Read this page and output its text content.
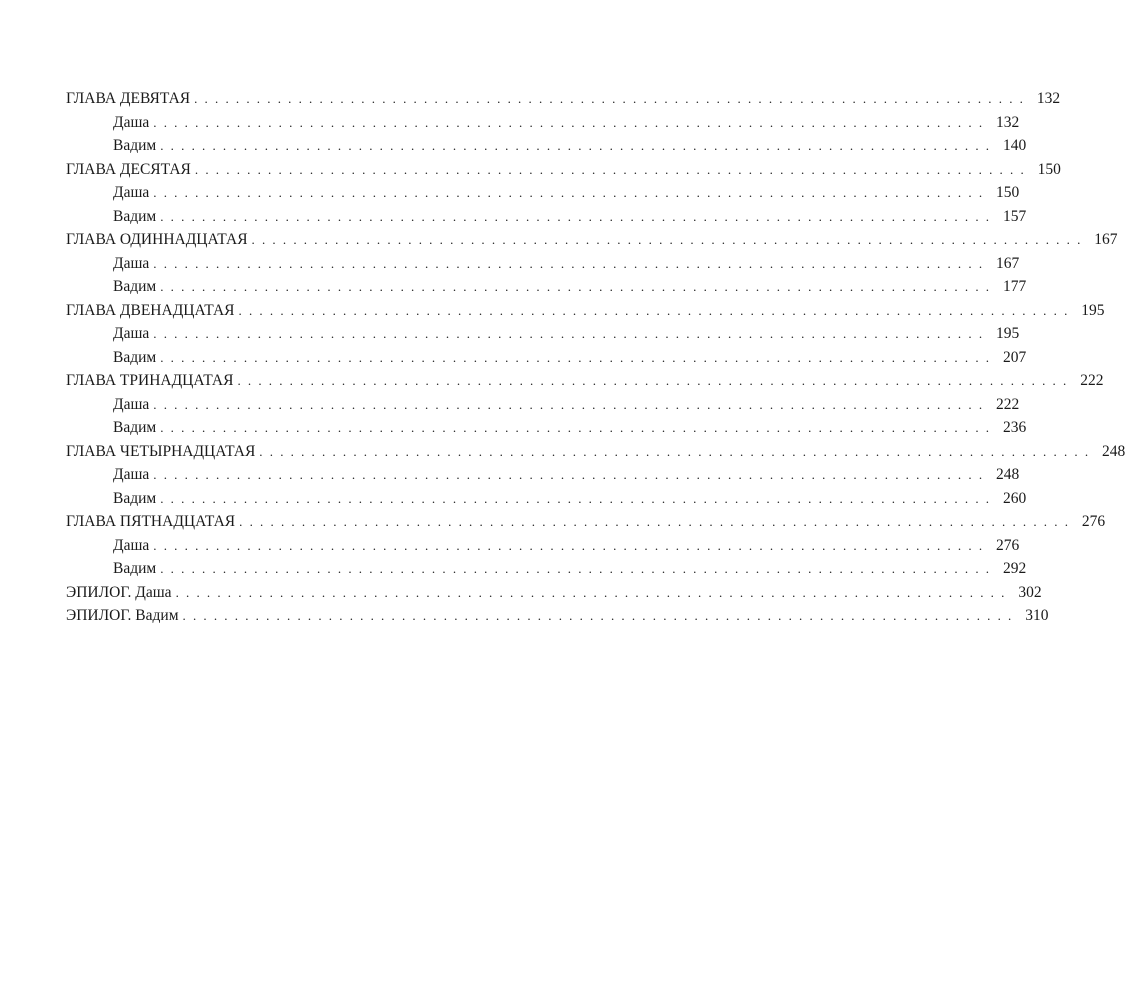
ГЛАВА ДЕВЯТАЯ ................................................................................ 132
Даша ................................................................................ 132
Вадим ................................................................................ 140
ГЛАВА ДЕСЯТАЯ ................................................................................ 150
Даша ................................................................................ 150
Вадим ................................................................................ 157
ГЛАВА ОДИННАДЦАТАЯ ................................................................................ 167
Даша ................................................................................ 167
Вадим ................................................................................ 177
ГЛАВА ДВЕНАДЦАТАЯ ................................................................................ 195
Даша ................................................................................ 195
Вадим ................................................................................ 207
ГЛАВА ТРИНАДЦАТАЯ ................................................................................ 222
Даша ................................................................................ 222
Вадим ................................................................................ 236
ГЛАВА ЧЕТЫРНАДЦАТАЯ ................................................................................ 248
Даша ................................................................................ 248
Вадим ................................................................................ 260
ГЛАВА ПЯТНАДЦАТАЯ ................................................................................ 276
Даша ................................................................................ 276
Вадим ................................................................................ 292
ЭПИЛОГ. Даша ................................................................................ 302
ЭПИЛОГ. Вадим ................................................................................ 310
